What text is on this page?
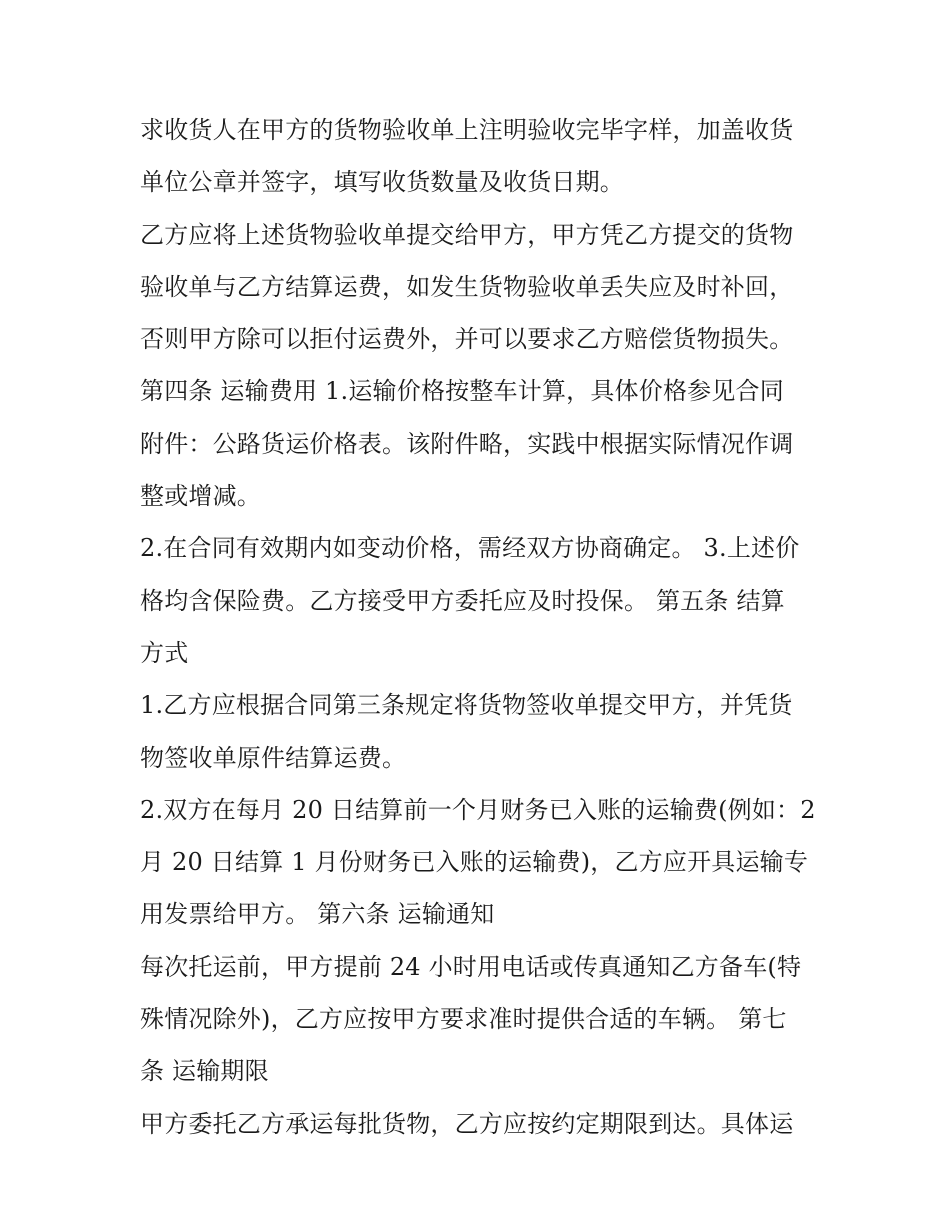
求收货人在甲方的货物验收单上注明验收完毕字样，加盖收货
单位公章并签字，填写收货数量及收货日期。
乙方应将上述货物验收单提交给甲方，甲方凭乙方提交的货物
验收单与乙方结算运费，如发生货物验收单丢失应及时补回，
否则甲方除可以拒付运费外，并可以要求乙方赔偿货物损失。
第四条 运输费用 1.运输价格按整车计算，具体价格参见合同
附件：公路货运价格表。该附件略，实践中根据实际情况作调
整或增减。
2.在合同有效期内如变动价格，需经双方协商确定。 3.上述价
格均含保险费。乙方接受甲方委托应及时投保。 第五条 结算
方式
1.乙方应根据合同第三条规定将货物签收单提交甲方，并凭货
物签收单原件结算运费。
2.双方在每月 20 日结算前一个月财务已入账的运输费(例如：2
月 20 日结算 1 月份财务已入账的运输费)，乙方应开具运输专
用发票给甲方。 第六条 运输通知
每次托运前，甲方提前 24 小时用电话或传真通知乙方备车(特
殊情况除外)，乙方应按甲方要求准时提供合适的车辆。 第七
条 运输期限
甲方委托乙方承运每批货物，乙方应按约定期限到达。具体运
